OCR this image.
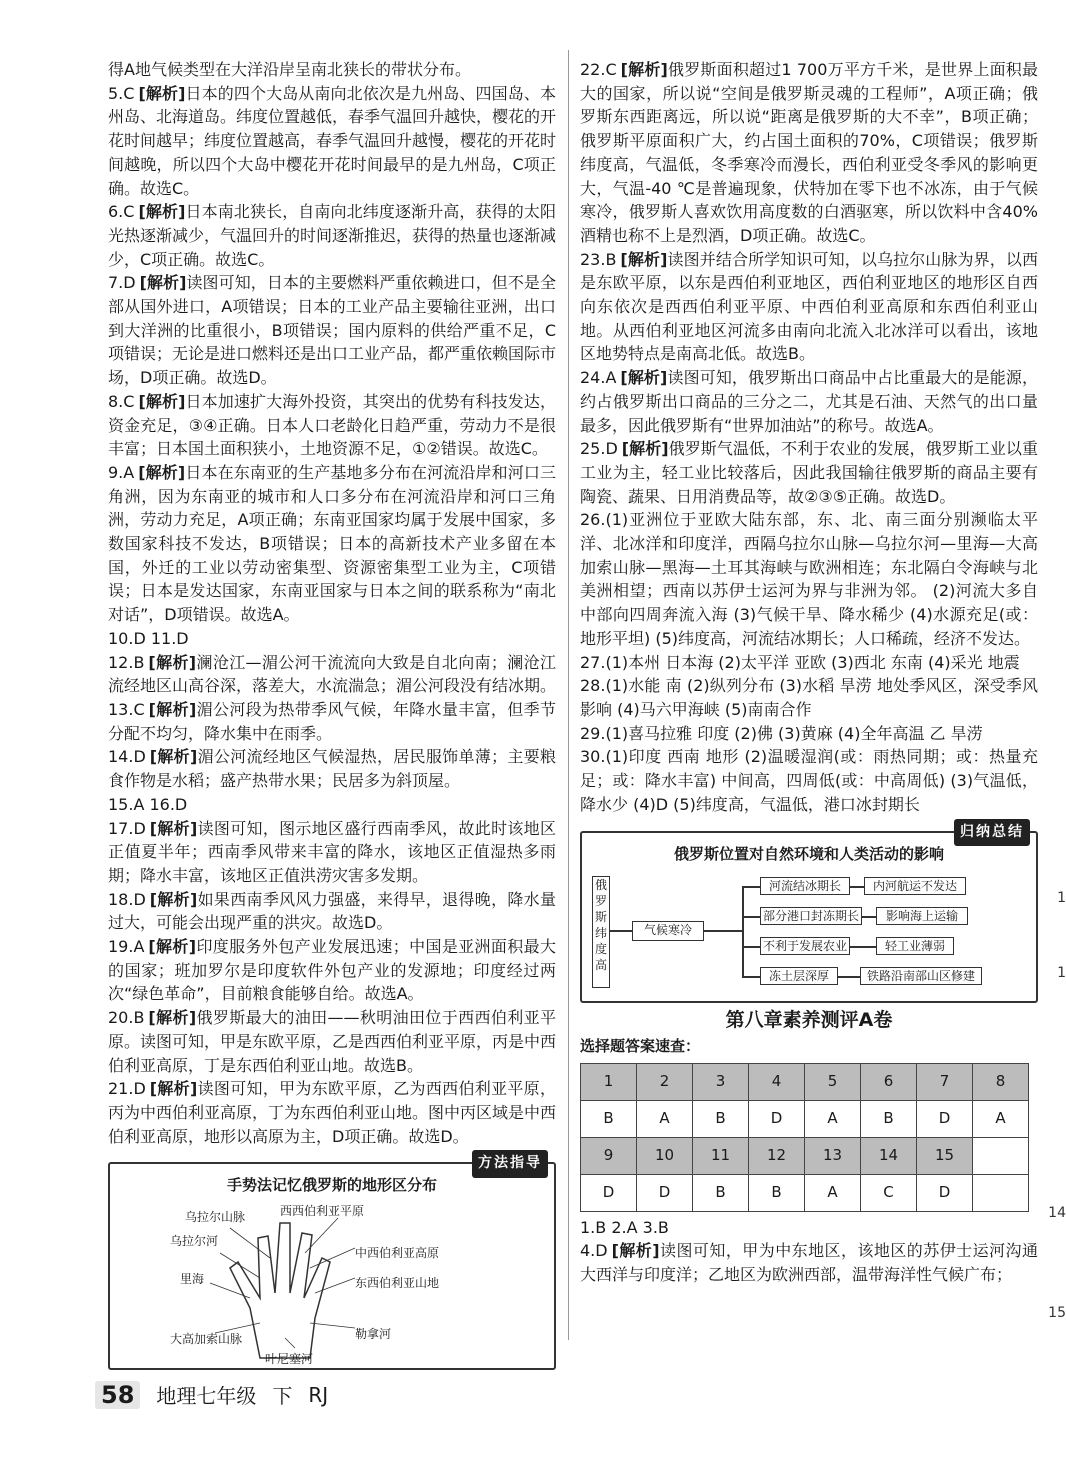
得A地气候类型在大洋沿岸呈南北狭长的带状分布。

5.C [解析]日本的四个大岛从南向北依次是九州岛、四国岛、本州岛、北海道岛。纬度位置越低，春季气温回升越快，樱花的开花时间越早；纬度位置越高，春季气温回升越慢，樱花的开花时间越晚，所以四个大岛中樱花开花时间最早的是九州岛，C项正确。故选C。

6.C [解析]日本南北狭长，自南向北纬度逐渐升高，获得的太阳光热逐渐减少，气温回升的时间逐渐推迟，获得的热量也逐渐减少，C项正确。故选C。

7.D [解析]读图可知，日本的主要燃料严重依赖进口，但不是全部从国外进口，A项错误；日本的工业产品主要输往亚洲，出口到大洋洲的比重很小，B项错误；国内原料的供给严重不足，C项错误；无论是进口燃料还是出口工业产品，都严重依赖国际市场，D项正确。故选D。

8.C [解析]日本加速扩大海外投资，其突出的优势有科技发达，资金充足，③④正确。日本人口老龄化日趋严重，劳动力不是很丰富；日本国土面积狭小，土地资源不足，①②错误。故选C。

9.A [解析]日本在东南亚的生产基地多分布在河流沿岸和河口三角洲，因为东南亚的城市和人口多分布在河流沿岸和河口三角洲，劳动力充足，A项正确；东南亚国家均属于发展中国家，多数国家科技不发达，B项错误；日本的高新技术产业多留在本国，外迁的工业以劳动密集型、资源密集型工业为主，C项错误；日本是发达国家，东南亚国家与日本之间的联系称为“南北对话”，D项错误。故选A。

10.D 11.D

12.B [解析]澜沧江—湄公河干流流向大致是自北向南；澜沧江流经地区山高谷深，落差大，水流湍急；湄公河段没有结冰期。

13.C [解析]湄公河段为热带季风气候，年降水量丰富，但季节分配不均匀，降水集中在雨季。

14.D [解析]湄公河流经地区气候湿热，居民服饰单薄；主要粮食作物是水稻；盛产热带水果；民居多为斜顶屋。

15.A 16.D

17.D [解析]读图可知，图示地区盛行西南季风，故此时该地区正值夏半年；西南季风带来丰富的降水，该地区正值湿热多雨期；降水丰富，该地区正值洪涝灾害多发期。

18.D [解析]如果西南季风风力强盛，来得早，退得晚，降水量过大，可能会出现严重的洪灾。故选D。

19.A [解析]印度服务外包产业发展迅速；中国是亚洲面积最大的国家；班加罗尔是印度软件外包产业的发源地；印度经过两次“绿色革命”，目前粮食能够自给。故选A。

20.B [解析]俄罗斯最大的油田——秋明油田位于西西伯利亚平原。读图可知，甲是东欧平原，乙是西西伯利亚平原，丙是中西伯利亚高原，丁是东西伯利亚山地。故选B。

21.D [解析]读图可知，甲为东欧平原，乙为西西伯利亚平原，丙为中西伯利亚高原，丁为东西伯利亚山地。图中丙区域是中西伯利亚高原，地形以高原为主，D项正确。故选D。

方法指导
手势法记忆俄罗斯的地形区分布
乌拉尔山脉	西西伯利亚平原
乌拉尔河
中西伯利亚高原
里海	东西伯利亚山地
大高加索山脉	勒拿河
叶尼塞河

22.C [解析]俄罗斯面积超过1 700万平方千米，是世界上面积最大的国家，所以说“空间是俄罗斯灵魂的工程师”，A项正确；俄罗斯东西距离远，所以说“距离是俄罗斯的大不幸”，B项正确；俄罗斯平原面积广大，约占国土面积的70%，C项错误；俄罗斯纬度高，气温低，冬季寒冷而漫长，西伯利亚受冬季风的影响更大，气温-40 ℃是普遍现象，伏特加在零下也不冰冻，由于气候寒冷，俄罗斯人喜欢饮用高度数的白酒驱寒，所以饮料中含40%酒精也称不上是烈酒，D项正确。故选C。

23.B [解析]读图并结合所学知识可知，以乌拉尔山脉为界，以西是东欧平原，以东是西伯利亚地区，西伯利亚地区的地形区自西向东依次是西西伯利亚平原、中西伯利亚高原和东西伯利亚山地。从西伯利亚地区河流多由南向北流入北冰洋可以看出，该地区地势特点是南高北低。故选B。

24.A [解析]读图可知，俄罗斯出口商品中占比重最大的是能源，约占俄罗斯出口商品的三分之二，尤其是石油、天然气的出口量最多，因此俄罗斯有“世界加油站”的称号。故选A。

25.D [解析]俄罗斯气温低，不利于农业的发展，俄罗斯工业以重工业为主，轻工业比较落后，因此我国输往俄罗斯的商品主要有陶瓷、蔬果、日用消费品等，故②③⑤正确。故选D。

26.(1)亚洲位于亚欧大陆东部，东、北、南三面分别濒临太平洋、北冰洋和印度洋，西隔乌拉尔山脉—乌拉尔河—里海—大高加索山脉—黑海—土耳其海峡与欧洲相连；东北隔白令海峡与北美洲相望；西南以苏伊士运河为界与非洲为邻。 (2)河流大多自中部向四周奔流入海 (3)气候干旱、降水稀少 (4)水源充足(或：地形平坦) (5)纬度高，河流结冰期长；人口稀疏，经济不发达。

27.(1)本州 日本海 (2)太平洋 亚欧 (3)西北 东南 (4)采光 地震

28.(1)水能 南 (2)纵列分布 (3)水稻 旱涝 地处季风区，深受季风影响 (4)马六甲海峡 (5)南南合作

29.(1)喜马拉雅 印度 (2)佛 (3)黄麻 (4)全年高温 乙 旱涝

30.(1)印度 西南 地形 (2)温暖湿润(或：雨热同期；或：热量充足；或：降水丰富) 中间高，四周低(或：中高周低) (3)气温低，降水少 (4)D (5)纬度高，气温低，港口冰封期长

归纳总结
俄罗斯位置对自然环境和人类活动的影响
俄罗斯纬度高
气候寒冷
河流结冰期长
部分港口封冻期长
不利于发展农业
冻土层深厚
内河航运不发达
影响海上运输
轻工业薄弱
铁路沿南部山区修建
第八章素养测评A卷
选择题答案速查：
1	2	3	4	5	6	7	8
B	A	B	D	A	B	D	A
9	10	11	12	13	14	15	
D	D	B	B	A	C	D	

1.B 2.A 3.B

4.D [解析]读图可知，甲为中东地区，该地区的苏伊士运河沟通大西洋与印度洋；乙地区为欧洲西部，温带海洋性气候广布；

58	地理七年级 下 RJ
1
1
14
15
